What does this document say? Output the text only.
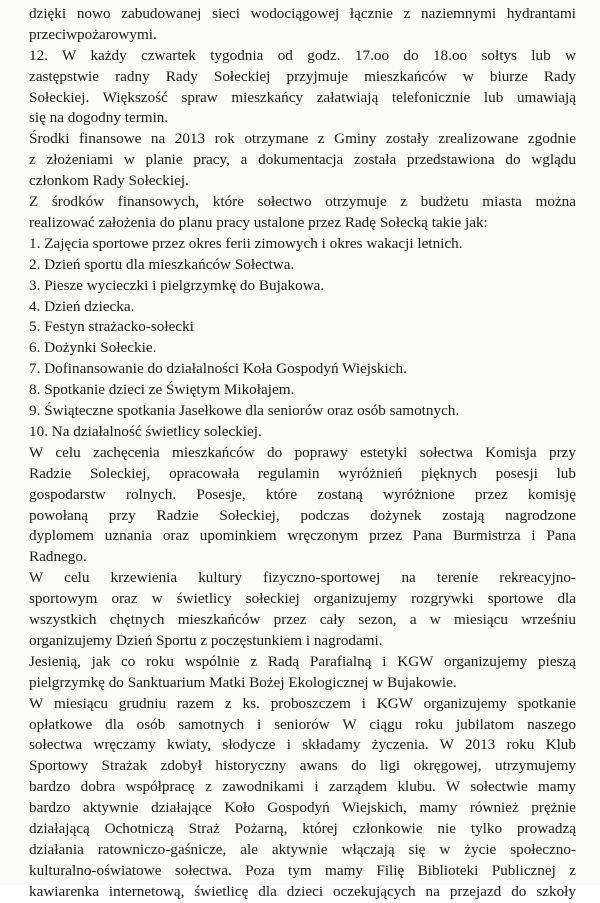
dzięki nowo zabudowanej sieci wodociągowej łącznie z naziemnymi hydrantami
przeciwpożarowymi.
12. W każdy czwartek tygodnia od godz. 17.oo do 18.oo sołtys lub w
zastępstwie radny Rady Sołeckiej przyjmuje mieszkańców w biurze Rady
Sołeckiej. Większość spraw mieszkańcy załatwiają telefonicznie lub umawiają
się na dogodny termin.
Środki finansowe na 2013 rok otrzymane z Gminy zostały zrealizowane zgodnie
z złożeniami w planie pracy, a dokumentacja została przedstawiona do wglądu
członkom Rady Sołeckiej.
Z środków finansowych, które sołectwo otrzymuje z budżetu miasta można
realizować założenia do planu pracy ustalone przez Radę Sołecką takie jak:
1. Zajęcia sportowe przez okres ferii zimowych i okres wakacji letnich.
2. Dzień sportu dla mieszkańców Sołectwa.
3. Piesze wycieczki i pielgrzymkę do Bujakowa.
4. Dzień dziecka.
5. Festyn strażacko-sołecki
6. Dożynki Sołeckie.
7. Dofinansowanie do działalności Koła Gospodyń Wiejskich.
8. Spotkanie dzieci ze Świętym Mikołajem.
9. Świąteczne spotkania Jasełkowe dla seniorów oraz osób samotnych.
10. Na działalność świetlicy soleckiej.
W celu zachęcenia mieszkańców do poprawy estetyki sołectwa Komisja przy
Radzie Soleckiej, opracowała regulamin wyróżnień pięknych posesji lub
gospodarstw rolnych. Posesje, które zostaną wyróżnione przez komisję
powołaną przy Radzie Sołeckiej, podczas dożynek zostają nagrodzone
dyplomem uznania oraz upominkiem wręczonym przez Pana Burmistrza i Pana
Radnego.
W celu krzewienia kultury fizyczno-sportowej na terenie rekreacyjno-
sportowym oraz w świetlicy sołeckiej organizujemy rozgrywki sportowe dla
wszystkich chętnych mieszkańców przez cały sezon, a w miesiącu wrześniu
organizujemy Dzień Sportu z poczęstunkiem i nagrodami.
Jesienią, jak co roku wspólnie z Radą Parafialną i KGW organizujemy pieszą
pielgrzymkę do Sanktuarium Matki Bożej Ekologicznej w Bujakowie.
W miesiącu grudniu razem z ks. proboszczem i KGW organizujemy spotkanie
opłatkowe dla osób samotnych i seniorów W ciągu roku jubilatom naszego
sołectwa wręczamy kwiaty, słodycze i składamy życzenia. W 2013 roku Klub
Sportowy Strażak zdobył historyczny awans do ligi okręgowej, utrzymujemy
bardzo dobra współpracę z zawodnikami i zarządem klubu. W sołectwie mamy
bardzo aktywnie działające Koło Gospodyń Wiejskich, mamy również prężnie
działającą Ochotniczą Straż Pożarną, której członkowie nie tylko prowadzą
działania ratowniczo-gaśnicze, ale aktywnie włączają się w życie społeczno-
kulturalno-oświatowe sołectwa. Poza tym mamy Filię Biblioteki Publicznej z
kawiarenka internetową, świetlicę dla dzieci oczekujących na przejazd do szkoły
